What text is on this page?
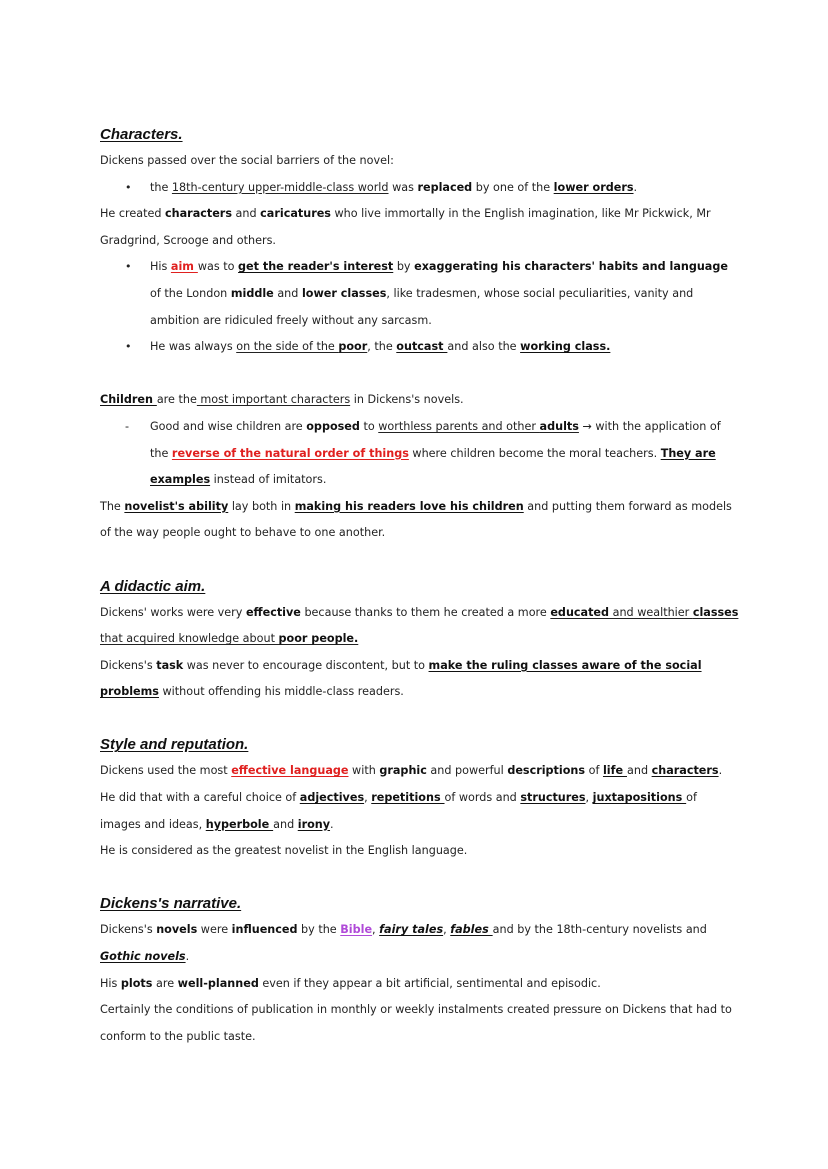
Characters.

Dickens passed over the social barriers of the novel:

• the 18th-century upper-middle-class world was replaced by one of the lower orders.

He created characters and caricatures who live immortally in the English imagination, like Mr Pickwick, Mr Gradgrind, Scrooge and others.

• His aim was to get the reader's interest by exaggerating his characters' habits and language of the London middle and lower classes, like tradesmen, whose social peculiarities, vanity and ambition are ridiculed freely without any sarcasm.

• He was always on the side of the poor, the outcast and also the working class.

Children are the most important characters in Dickens's novels.

- Good and wise children are opposed to worthless parents and other adults → with the application of the reverse of the natural order of things where children become the moral teachers. They are examples instead of imitators.

The novelist's ability lay both in making his readers love his children and putting them forward as models of the way people ought to behave to one another.

A didactic aim.

Dickens' works were very effective because thanks to them he created a more educated and wealthier classes that acquired knowledge about poor people.

Dickens's task was never to encourage discontent, but to make the ruling classes aware of the social problems without offending his middle-class readers.

Style and reputation.

Dickens used the most effective language with graphic and powerful descriptions of life and characters.

He did that with a careful choice of adjectives, repetitions of words and structures, juxtapositions of images and ideas, hyperbole and irony.

He is considered as the greatest novelist in the English language.

Dickens's narrative.

Dickens's novels were influenced by the Bible, fairy tales, fables and by the 18th-century novelists and Gothic novels.

His plots are well-planned even if they appear a bit artificial, sentimental and episodic.

Certainly the conditions of publication in monthly or weekly instalments created pressure on Dickens that had to conform to the public taste.
